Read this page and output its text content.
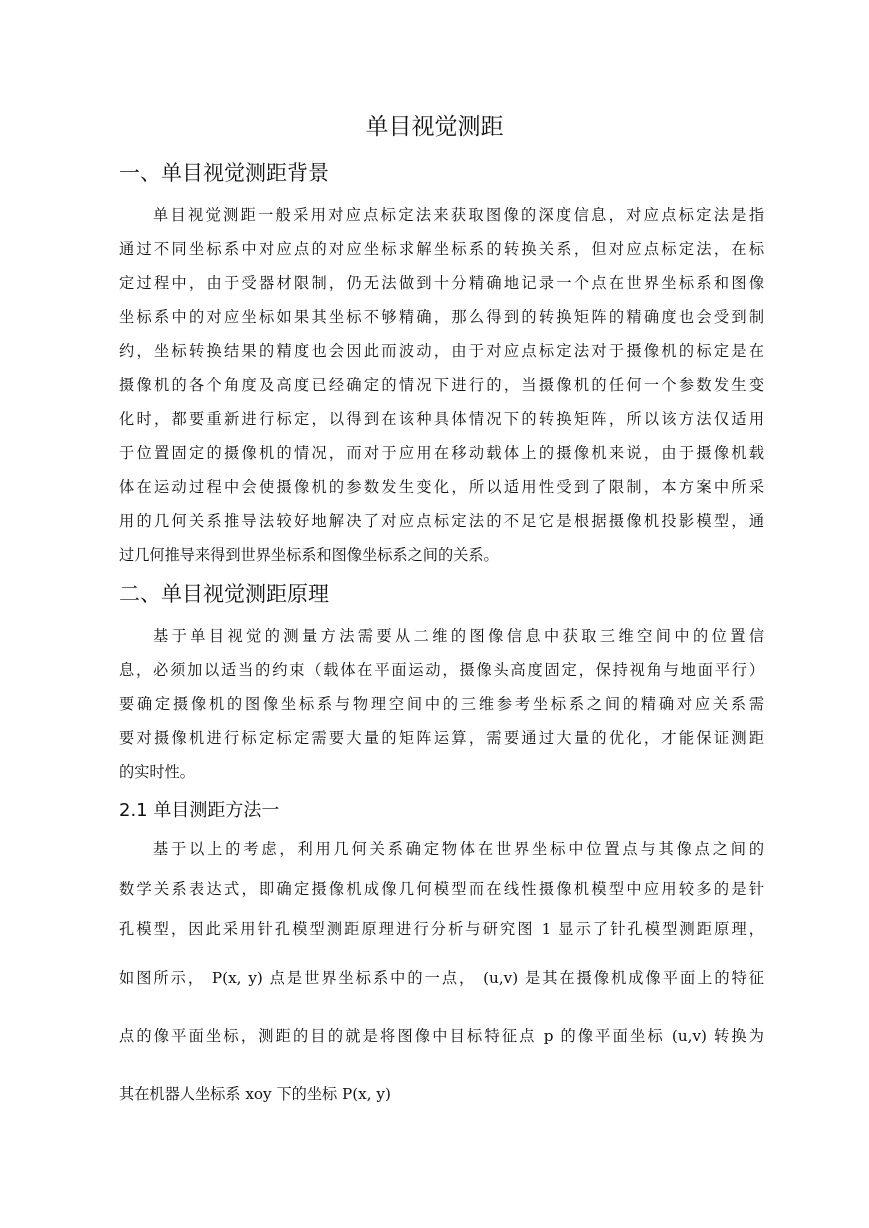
单目视觉测距
一、单目视觉测距背景
单目视觉测距一般采用对应点标定法来获取图像的深度信息，对应点标定法是指
通过不同坐标系中对应点的对应坐标求解坐标系的转换关系，但对应点标定法，在标
定过程中，由于受器材限制，仍无法做到十分精确地记录一个点在世界坐标系和图像
坐标系中的对应坐标如果其坐标不够精确，那么得到的转换矩阵的精确度也会受到制
约，坐标转换结果的精度也会因此而波动，由于对应点标定法对于摄像机的标定是在
摄像机的各个角度及高度已经确定的情况下进行的，当摄像机的任何一个参数发生变
化时，都要重新进行标定，以得到在该种具体情况下的转换矩阵，所以该方法仅适用
于位置固定的摄像机的情况，而对于应用在移动载体上的摄像机来说，由于摄像机载
体在运动过程中会使摄像机的参数发生变化，所以适用性受到了限制，本方案中所采
用的几何关系推导法较好地解决了对应点标定法的不足它是根据摄像机投影模型，通
过几何推导来得到世界坐标系和图像坐标系之间的关系。
二、单目视觉测距原理
基于单目视觉的测量方法需要从二维的图像信息中获取三维空间中的位置信
息，必须加以适当的约束（载体在平面运动，摄像头高度固定，保持视角与地面平行）
要确定摄像机的图像坐标系与物理空间中的三维参考坐标系之间的精确对应关系需
要对摄像机进行标定标定需要大量的矩阵运算，需要通过大量的优化，才能保证测距
的实时性。
2.1 单目测距方法一
基于以上的考虑，利用几何关系确定物体在世界坐标中位置点与其像点之间的
数学关系表达式，即确定摄像机成像几何模型而在线性摄像机模型中应用较多的是针
孔模型，因此采用针孔模型测距原理进行分析与研究图 1 显示了针孔模型测距原理，
如图所示， P(x, y) 点是世界坐标系中的一点， (u,v) 是其在摄像机成像平面上的特征
点的像平面坐标，测距的目的就是将图像中目标特征点 p 的像平面坐标 (u,v) 转换为
其在机器人坐标系 xoy 下的坐标 P(x, y)
